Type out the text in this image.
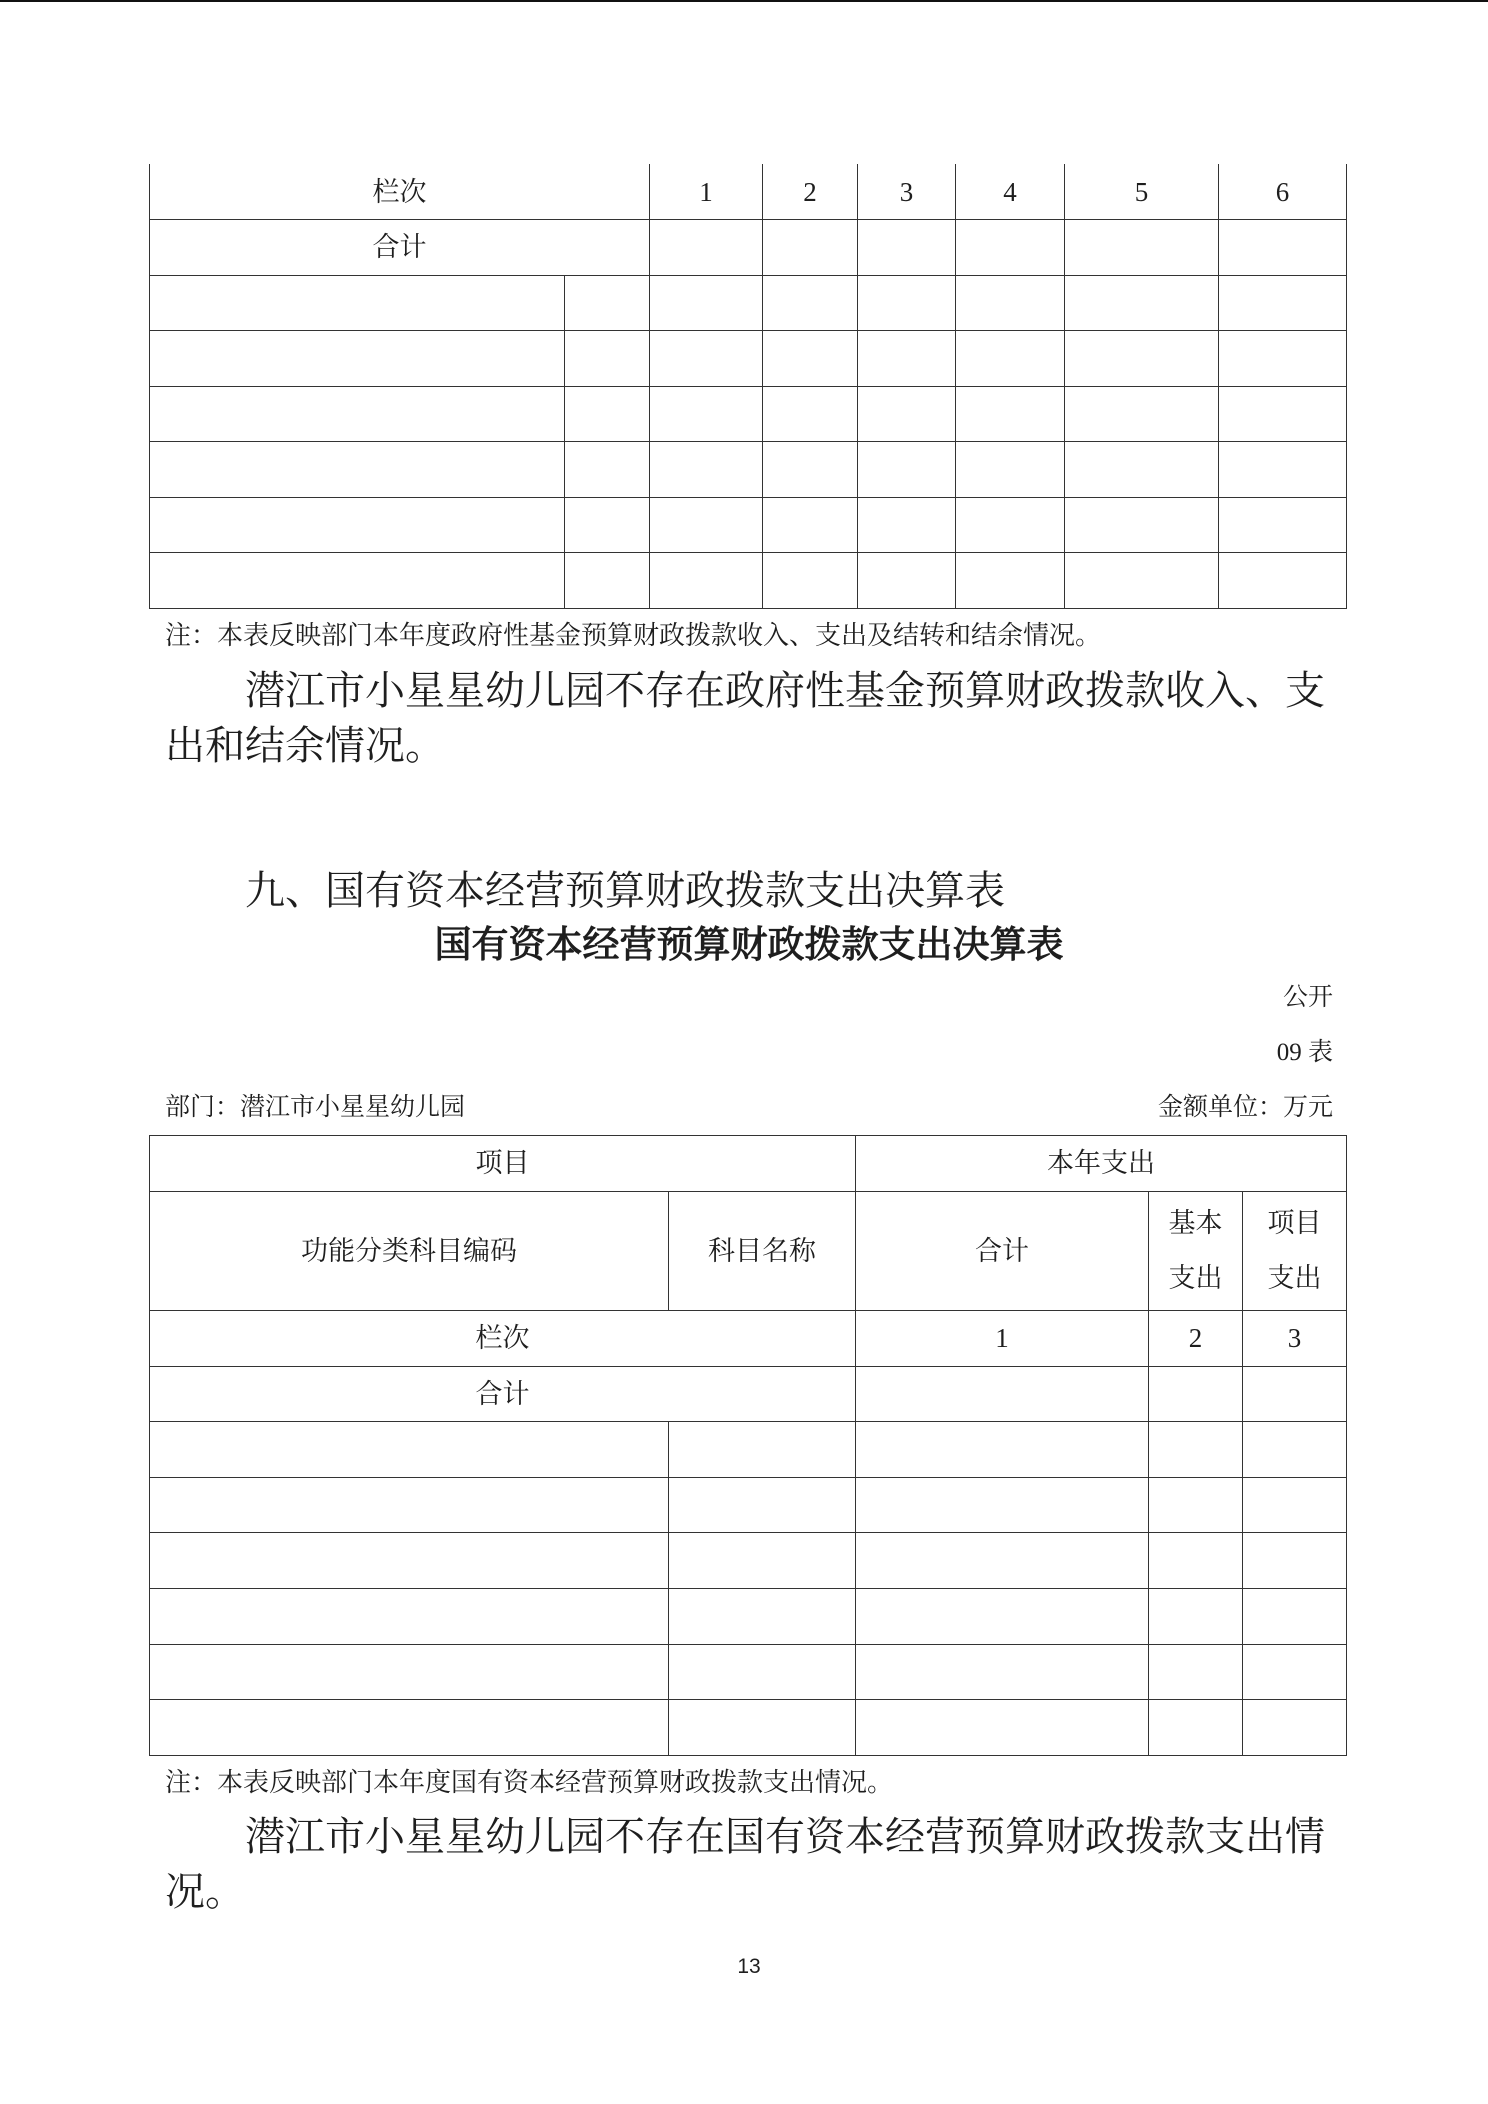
栏次		1	2	3	4	5	6
合计							

注：本表反映部门本年度政府性基金预算财政拨款收入、支出及结转和结余情况。

潜江市小星星幼儿园不存在政府性基金预算财政拨款收入、支出和结余情况。

九、国有资本经营预算财政拨款支出决算表

国有资本经营预算财政拨款支出决算表

公开

09 表

部门：潜江市小星星幼儿园	金额单位：万元
项目		本年支出		
功能分类科目编码	科目名称	合计	基本支出	项目支出
栏次		1	2	3
合计				

注：本表反映部门本年度国有资本经营预算财政拨款支出情况。

潜江市小星星幼儿园不存在国有资本经营预算财政拨款支出情况。

13
